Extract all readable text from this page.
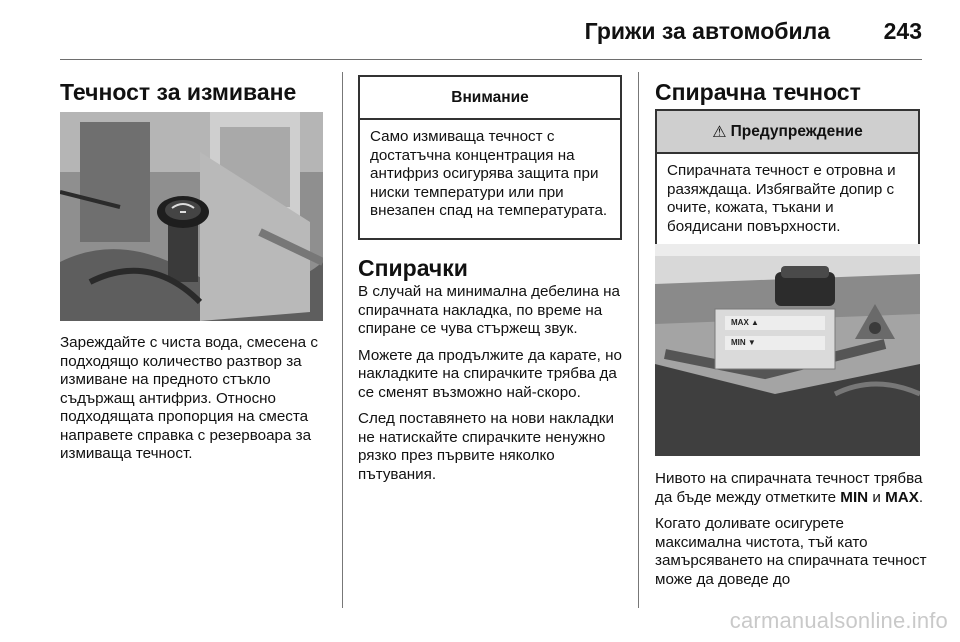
Грижи за автомобила 243
Течност за измиване
Зареждайте с чиста вода, смесена с подходящо количество разтвор за измиване на предното стъкло съдържащ антифриз. Относно подходящата пропорция на сместа направете справка с резервоара за измиваща течност.
Внимание
Само измиваща течност с достатъчна концентрация на антифриз осигурява защита при ниски температури или при внезапен спад на температурата.
Спирачки

В случай на минимална дебелина на спирачната накладка, по време на спиране се чува стържещ звук.

Можете да продължите да карате, но накладките на спирачките трябва да се сменят възможно най-скоро.

След поставянето на нови накладки не натискайте спирачките ненужно рязко през първите няколко пътувания.

Спирачна течност
⚠ Предупреждение
Спирачната течност е отровна и разяждаща. Избягвайте допир с очите, кожата, тъкани и боядисани повърхности.
MAX ▲
MIN ▼

Нивото на спирачната течност трябва да бъде между отметките MIN и MAX.

Когато доливате осигурете максимална чистота, тъй като замърсяването на спирачната течност може да доведе до

carmanualsonline.info
